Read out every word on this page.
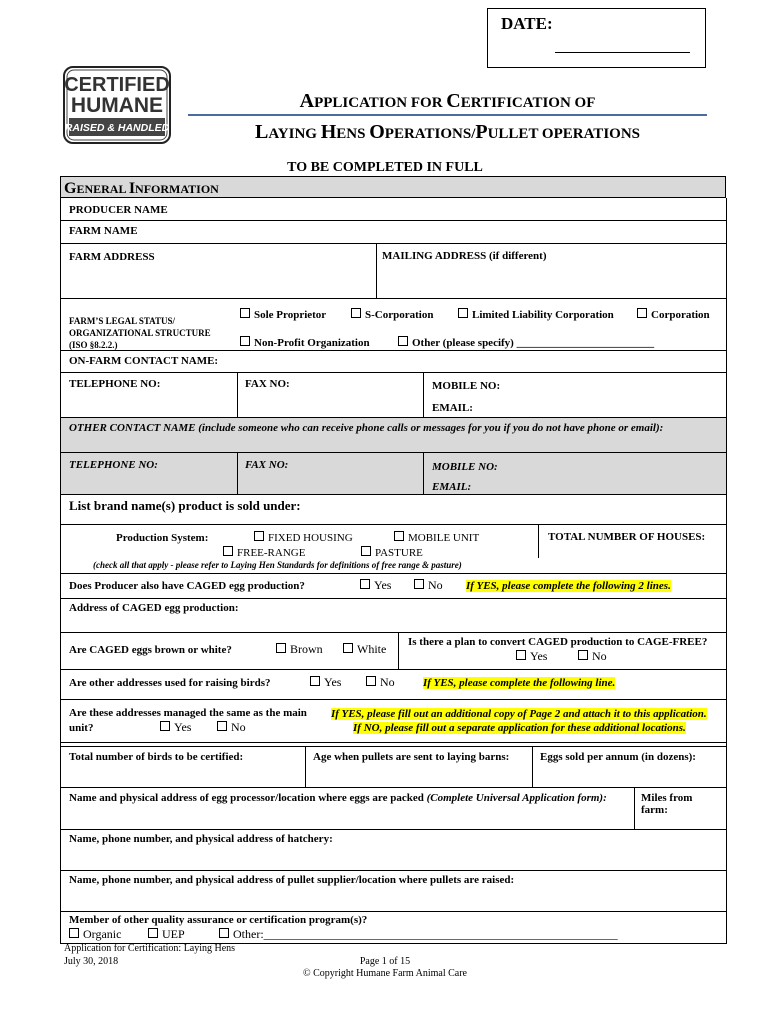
DATE:
CERTIFIED
HUMANE
RAISED & HANDLED
APPLICATION FOR CERTIFICATION OF
LAYING HENS OPERATIONS/PULLET OPERATIONS
TO BE COMPLETED IN FULL
GENERAL INFORMATION
PRODUCER NAME
FARM NAME
FARM ADDRESS	MAILING ADDRESS (if different)
FARM’S LEGAL STATUS/
ORGANIZATIONAL STRUCTURE
(ISO §8.2.2.)
Sole Proprietor	S-Corporation	Limited Liability Corporation	Corporation
Non-Profit Organization	Other (please specify) _________________________
ON-FARM CONTACT NAME:
TELEPHONE NO:	FAX NO:	MOBILE NO:
EMAIL:
OTHER CONTACT NAME (include someone who can receive phone calls or messages for you if you do not have phone or email):
TELEPHONE NO:	FAX NO:	MOBILE NO:
EMAIL:
List brand name(s) product is sold under:
Production System:	FIXED HOUSING	MOBILE UNIT
FREE-RANGE	PASTURE
TOTAL NUMBER OF HOUSES:
(check all that apply - please refer to Laying Hen Standards for definitions of free range & pasture)
Does Producer also have CAGED egg production?	Yes	No If YES, please complete the following 2 lines.
Address of CAGED egg production:
Are CAGED eggs brown or white?	Brown	White Is there a plan to convert CAGED production to CAGE-FREE?
Yes	No
Are other addresses used for raising birds?	Yes	No	If YES, please complete the following line.
Are these addresses managed the same as the main
unit?	Yes	No
If YES, please fill out an additional copy of Page 2 and attach it to this application.
If NO, please fill out a separate application for these additional locations.
Total number of birds to be certified:	Age when pullets are sent to laying barns:	Eggs sold per annum (in dozens):
Name and physical address of egg processor/location where eggs are packed (Complete Universal Application form):	Miles from
farm:
Name, phone number, and physical address of hatchery:
Name, phone number, and physical address of pullet supplier/location where pullets are raised:
Member of other quality assurance or certification program(s)?
Organic	UEP	Other:___________________________________________________________
Application for Certification: Laying Hens
July 30, 2018	Page 1 of 15
© Copyright Humane Farm Animal Care
